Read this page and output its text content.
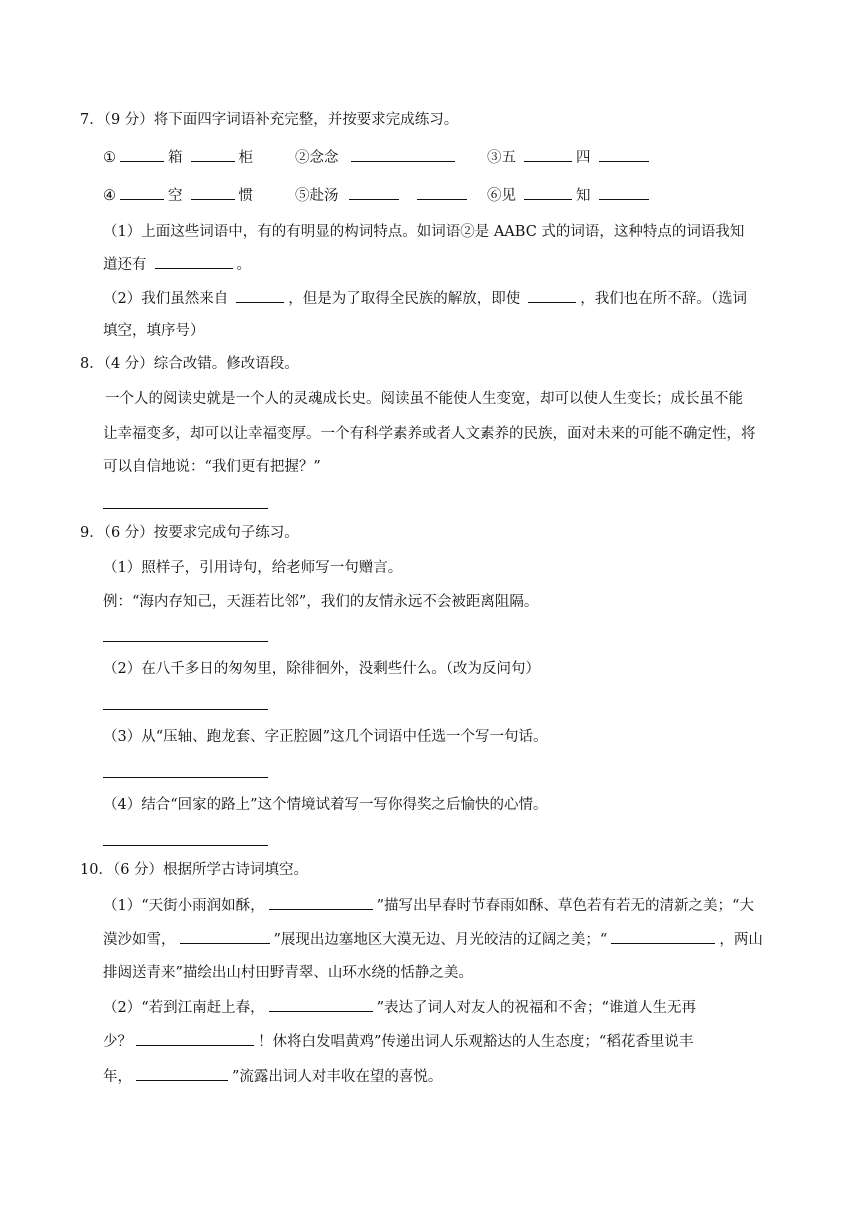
7．（9 分）将下面四字词语补充完整，并按要求完成练习。
①	箱	柜	②念念	③五	四
④	空	惯	⑤赴汤	⑥见	知
（1）上面这些词语中，有的有明显的构词特点。如词语②是 AABC 式的词语，这种特点的词语我知
道还有	。
（2）我们虽然来自	，但是为了取得全民族的解放，即使	，我们也在所不辞。（选词
填空，填序号）
8．（4 分）综合改错。修改语段。
一个人的阅读史就是一个人的灵魂成长史。阅读虽不能使人生变宽，却可以使人生变长；成长虽不能
让幸福变多，却可以让幸福变厚。一个有科学素养或者人文素养的民族，面对未来的可能不确定性，将
可以自信地说：“我们更有把握？”
9．（6 分）按要求完成句子练习。
（1）照样子，引用诗句，给老师写一句赠言。
例：“海内存知己，天涯若比邻”，我们的友情永远不会被距离阻隔。
（2）在八千多日的匆匆里，除徘徊外，没剩些什么。（改为反问句）
（3）从“压轴、跑龙套、字正腔圆”这几个词语中任选一个写一句话。
（4）结合“回家的路上”这个情境试着写一写你得奖之后愉快的心情。
10．（6 分）根据所学古诗词填空。
（1）“天街小雨润如酥，	”描写出早春时节春雨如酥、草色若有若无的清新之美；“大
漠沙如雪，	”展现出边塞地区大漠无边、月光皎洁的辽阔之美；“	，两山
排闼送青来”描绘出山村田野青翠、山环水绕的恬静之美。
（2）“若到江南赶上春，	”表达了词人对友人的祝福和不舍；“谁道人生无再
少？	！休将白发唱黄鸡”传递出词人乐观豁达的人生态度；“稻花香里说丰
年，	”流露出词人对丰收在望的喜悦。
